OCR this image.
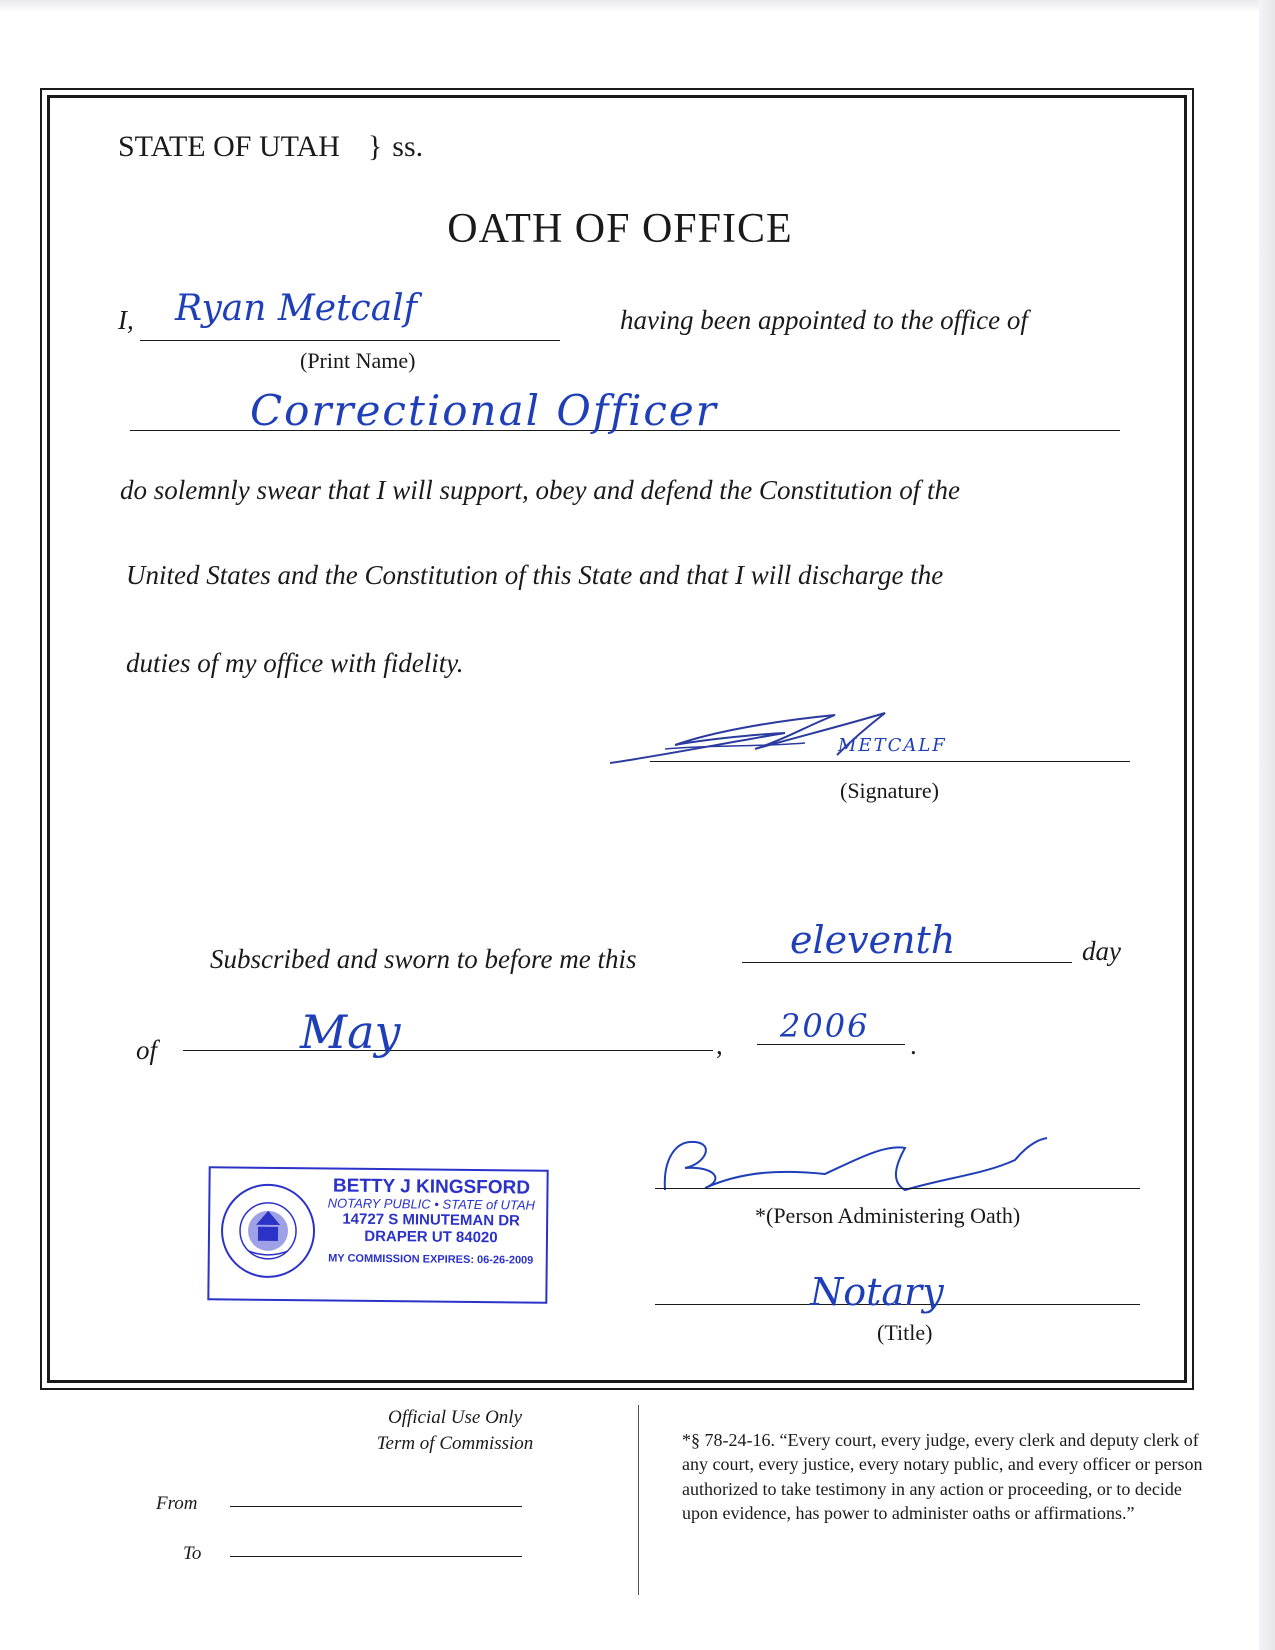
STATE OF UTAH } ss.
OATH OF OFFICE
I, Ryan Metcalf
(Print Name)
having been appointed to the office of
Correctional Officer
do solemnly swear that I will support, obey and defend the Constitution of the
United States and the Constitution of this State and that I will discharge the
duties of my office with fidelity.
METCALF
(Signature)
Subscribed and sworn to before me this	eleventh	day
of	May	, 2006 .
BETTY J KINGSFORD
NOTARY PUBLIC • STATE of UTAH
14727 S MINUTEMAN DR
DRAPER UT 84020
MY COMMISSION EXPIRES: 06-26-2009
*(Person Administering Oath)
Notary
(Title)
Official Use Only
Term of Commission
From
To
*§ 78-24-16. “Every court, every judge, every clerk and deputy clerk of any court, every justice, every notary public, and every officer or person authorized to take testimony in any action or proceeding, or to decide upon evidence, has power to administer oaths or affirmations.”
